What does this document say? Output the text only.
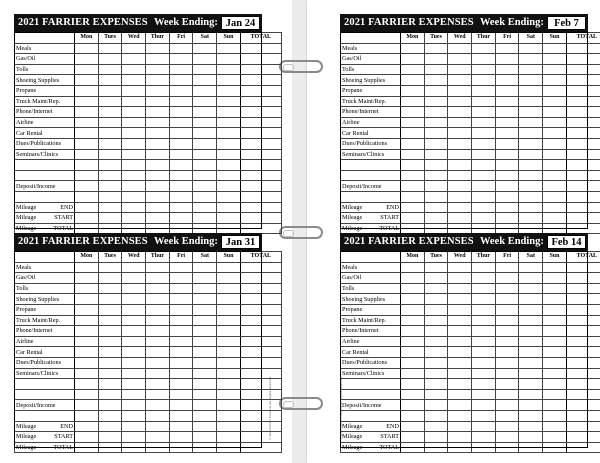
2021 FARRIER EXPENSES Week Ending: Jan 24
	Mon	Tues	Wed	Thur	Fri	Sat	Sun	TOTAL
Meals								
Gas/Oil								
Tolls								
Shoeing Supplies								
Propane								
Truck Maint/Rep.								
Phone/Internet								
Airline								
Car Rental								
Dues/Publications								
Seminars/Clinics								

Deposit/Income								

Mileage END								

Mileage START								

Mileage TOTAL								

2021 FARRIER EXPENSES Week Ending: Feb 7
	Mon	Tues	Wed	Thur	Fri	Sat	Sun	TOTAL
Meals								
Gas/Oil								
Tolls								
Shoeing Supplies								
Propane								
Truck Maint/Rep.								
Phone/Internet								
Airline								
Car Rental								
Dues/Publications								
Seminars/Clinics								

Deposit/Income								

Mileage END								

Mileage START								

Mileage TOTAL								

2021 FARRIER EXPENSES Week Ending: Jan 31
	Mon	Tues	Wed	Thur	Fri	Sat	Sun	TOTAL
Meals								
Gas/Oil								
Tolls								
Shoeing Supplies								
Propane								
Truck Maint/Rep.								
Phone/Internet								
Airline								
Car Rental								
Dues/Publications								
Seminars/Clinics								

Deposit/Income								

Mileage END								

Mileage START								

Mileage TOTAL								

2021 FARRIER EXPENSES Week Ending: Feb 14
	Mon	Tues	Wed	Thur	Fri	Sat	Sun	TOTAL
Meals								
Gas/Oil								
Tolls								
Shoeing Supplies								
Propane								
Truck Maint/Rep.								
Phone/Internet								
Airline								
Car Rental								
Dues/Publications								
Seminars/Clinics								

Deposit/Income								

Mileage END								

Mileage START								

Mileage TOTAL								

© 2020 Farrier Products All Rights Reserved	© 2020 Farrier Products All Rights Reserved
